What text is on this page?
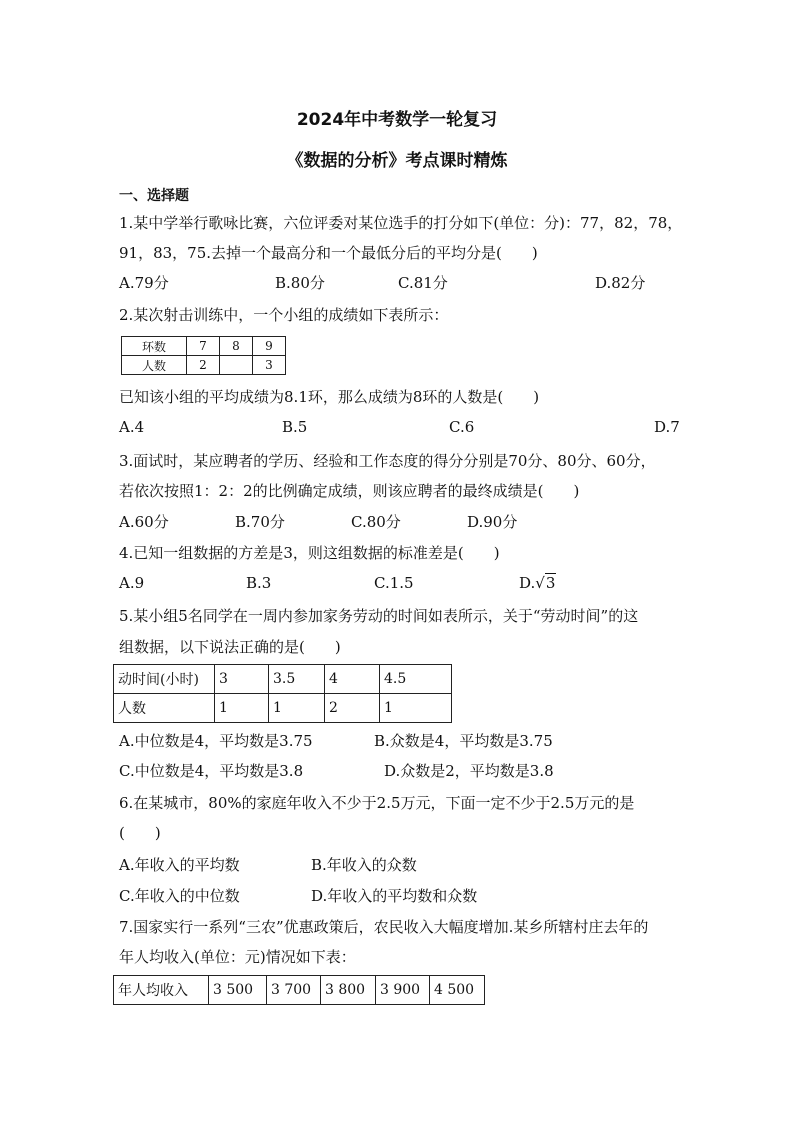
2024年中考数学一轮复习
《数据的分析》考点课时精炼
一、选择题
1.某中学举行歌咏比赛，六位评委对某位选手的打分如下(单位：分)：77，82，78，
91，83，75.去掉一个最高分和一个最低分后的平均分是(　　)
A.79分	B.80分	C.81分	D.82分
2.某次射击训练中，一个小组的成绩如下表所示：
环数	7	8	9
人数	2		3
已知该小组的平均成绩为8.1环，那么成绩为8环的人数是(　　)
A.4	B.5	C.6	D.7
3.面试时，某应聘者的学历、经验和工作态度的得分分别是70分、80分、60分，
若依次按照1：2：2的比例确定成绩，则该应聘者的最终成绩是(　　)
A.60分	B.70分	C.80分	D.90分
4.已知一组数据的方差是3，则这组数据的标准差是(　　)
A.9	B.3	C.1.5	D.√3
5.某小组5名同学在一周内参加家务劳动的时间如表所示，关于“劳动时间”的这
组数据，以下说法正确的是(　　)
动时间(小时)	3	3.5	4	4.5
人数	1	1	2	1
A.中位数是4，平均数是3.75	B.众数是4，平均数是3.75
C.中位数是4，平均数是3.8	D.众数是2，平均数是3.8
6.在某城市，80%的家庭年收入不少于2.5万元，下面一定不少于2.5万元的是
(　　)
A.年收入的平均数	B.年收入的众数
C.年收入的中位数	D.年收入的平均数和众数
7.国家实行一系列“三农”优惠政策后，农民收入大幅度增加.某乡所辖村庄去年的
年人均收入(单位：元)情况如下表：
年人均收入	3 500	3 700	3 800	3 900	4 500
